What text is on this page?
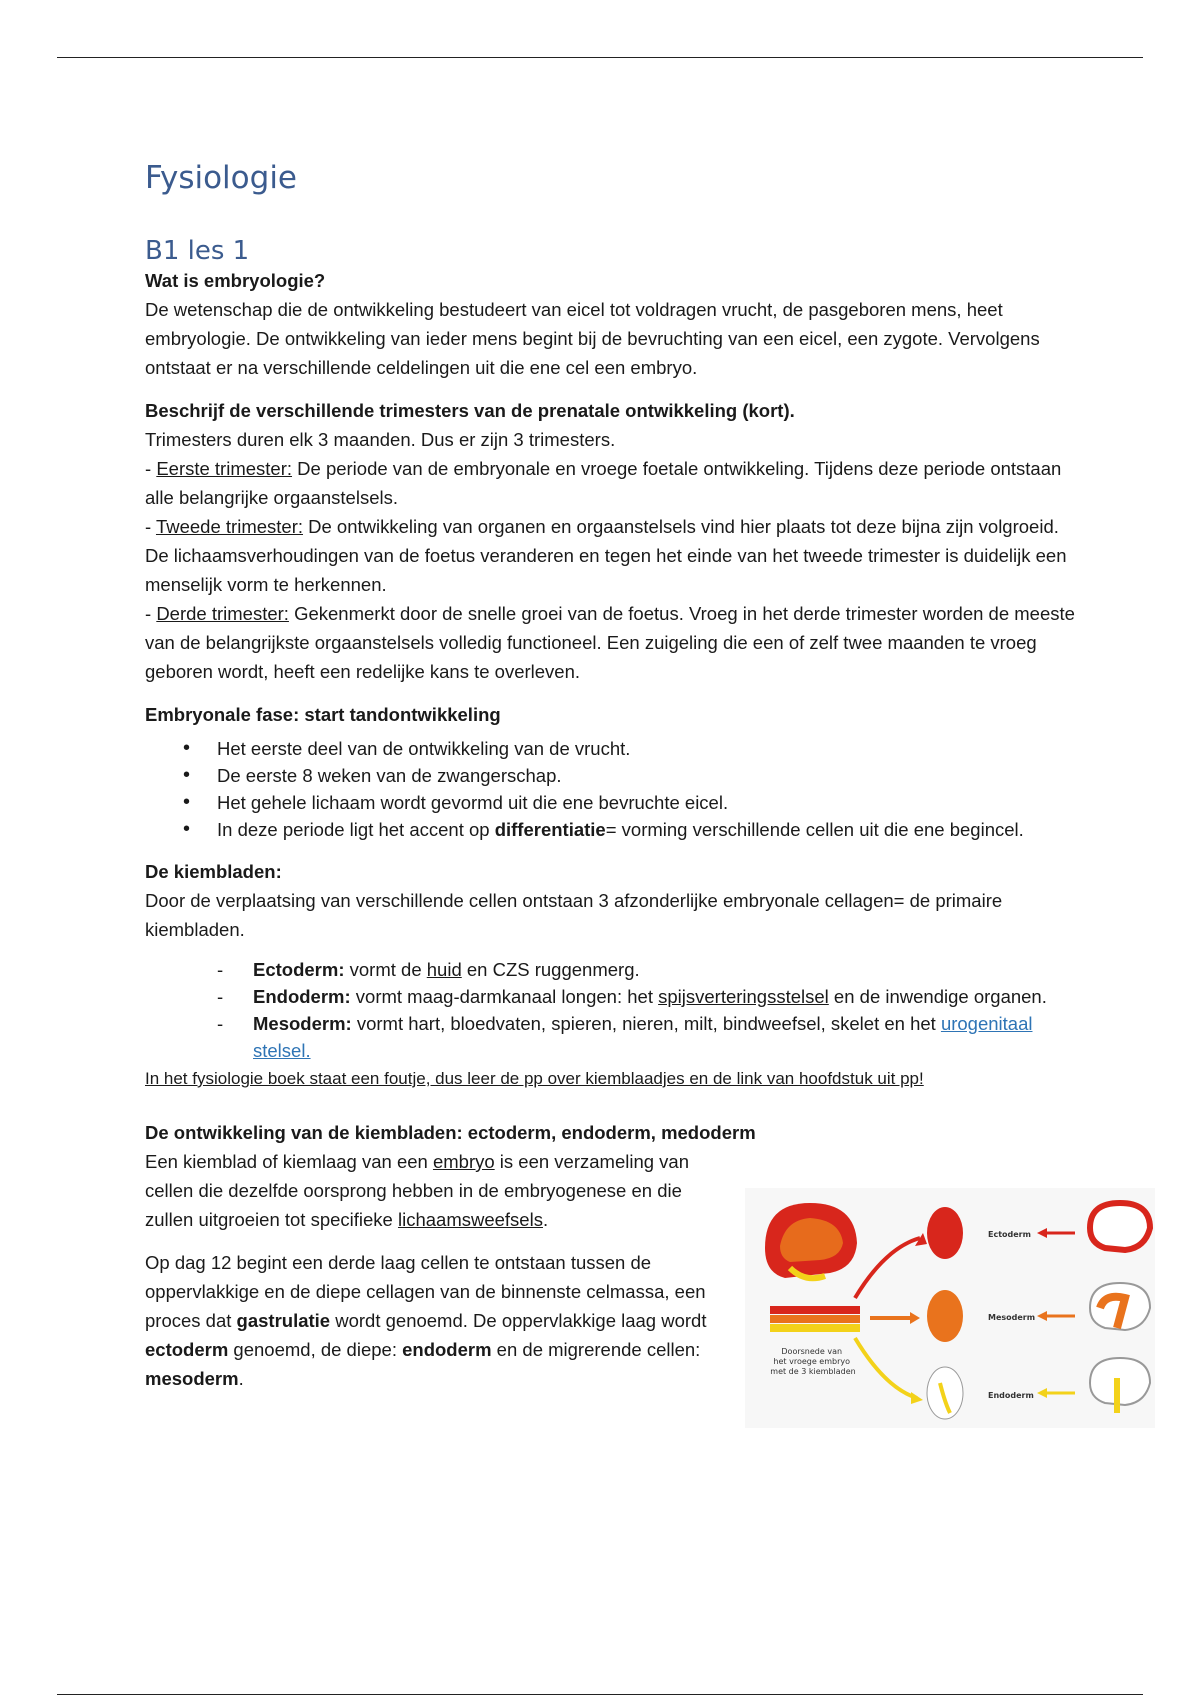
Fysiologie
B1 les 1

Wat is embryologie?

De wetenschap die de ontwikkeling bestudeert van eicel tot voldragen vrucht, de pasgeboren mens, heet embryologie. De ontwikkeling van ieder mens begint bij de bevruchting van een eicel, een zygote. Vervolgens ontstaat er na verschillende celdelingen uit die ene cel een embryo.

Beschrijf de verschillende trimesters van de prenatale ontwikkeling (kort).

Trimesters duren elk 3 maanden. Dus er zijn 3 trimesters.

- Eerste trimester: De periode van de embryonale en vroege foetale ontwikkeling. Tijdens deze periode ontstaan alle belangrijke orgaanstelsels.

- Tweede trimester: De ontwikkeling van organen en orgaanstelsels vind hier plaats tot deze bijna zijn volgroeid. De lichaamsverhoudingen van de foetus veranderen en tegen het einde van het tweede trimester is duidelijk een menselijk vorm te herkennen.

- Derde trimester: Gekenmerkt door de snelle groei van de foetus. Vroeg in het derde trimester worden de meeste van de belangrijkste orgaanstelsels volledig functioneel. Een zuigeling die een of zelf twee maanden te vroeg geboren wordt, heeft een redelijke kans te overleven.

Embryonale fase: start tandontwikkeling

• Het eerste deel van de ontwikkeling van de vrucht.
• De eerste 8 weken van de zwangerschap.
• Het gehele lichaam wordt gevormd uit die ene bevruchte eicel.
• In deze periode ligt het accent op differentiatie= vorming verschillende cellen uit die ene begincel.

De kiembladen:

Door de verplaatsing van verschillende cellen ontstaan 3 afzonderlijke embryonale cellagen= de primaire kiembladen.

- Ectoderm: vormt de huid en CZS ruggenmerg.
- Endoderm: vormt maag-darmkanaal longen: het spijsverteringsstelsel en de inwendige organen.
- Mesoderm: vormt hart, bloedvaten, spieren, nieren, milt, bindweefsel, skelet en het urogenitaal stelsel.

In het fysiologie boek staat een foutje, dus leer de pp over kiemblaadjes en de link van hoofdstuk uit pp!

De ontwikkeling van de kiembladen: ectoderm, endoderm, medoderm

Een kiemblad of kiemlaag van een embryo is een verzameling van cellen die dezelfde oorsprong hebben in de embryogenese en die zullen uitgroeien tot specifieke lichaamsweefsels.

Op dag 12 begint een derde laag cellen te ontstaan tussen de oppervlakkige en de diepe cellagen van de binnenste celmassa, een proces dat gastrulatie wordt genoemd. De oppervlakkige laag wordt ectoderm genoemd, de diepe: endoderm en de migrerende cellen: mesoderm.

Doorsnede van het vroege embryo met de 3 kiembladen
Ectoderm
Mesoderm
Endoderm
